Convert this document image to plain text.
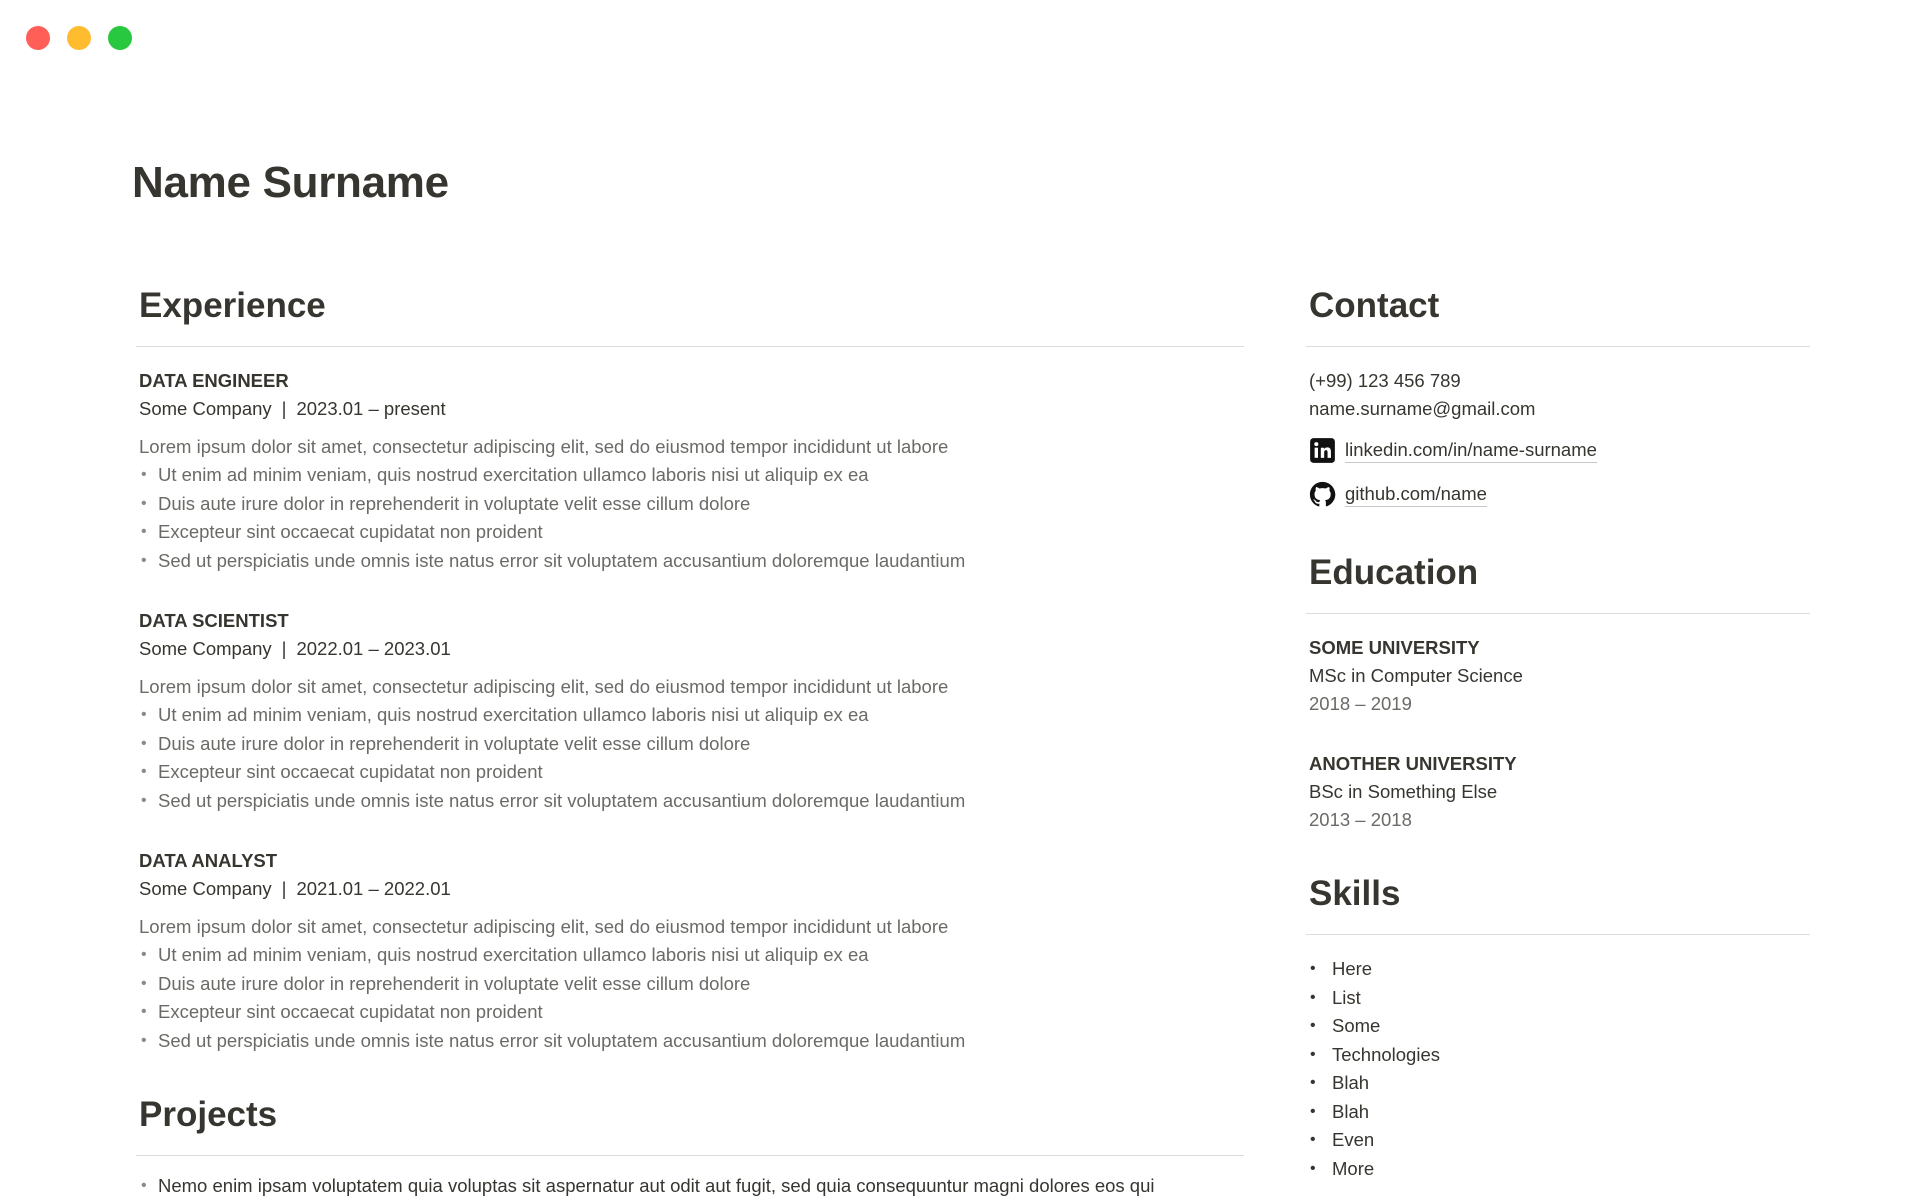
Name Surname
Experience
DATA ENGINEER
Some Company | 2023.01 – present
Lorem ipsum dolor sit amet, consectetur adipiscing elit, sed do eiusmod tempor incididunt ut labore
• Ut enim ad minim veniam, quis nostrud exercitation ullamco laboris nisi ut aliquip ex ea
• Duis aute irure dolor in reprehenderit in voluptate velit esse cillum dolore
• Excepteur sint occaecat cupidatat non proident
• Sed ut perspiciatis unde omnis iste natus error sit voluptatem accusantium doloremque laudantium
DATA SCIENTIST
Some Company | 2022.01 – 2023.01
Lorem ipsum dolor sit amet, consectetur adipiscing elit, sed do eiusmod tempor incididunt ut labore
• Ut enim ad minim veniam, quis nostrud exercitation ullamco laboris nisi ut aliquip ex ea
• Duis aute irure dolor in reprehenderit in voluptate velit esse cillum dolore
• Excepteur sint occaecat cupidatat non proident
• Sed ut perspiciatis unde omnis iste natus error sit voluptatem accusantium doloremque laudantium
DATA ANALYST
Some Company | 2021.01 – 2022.01
Lorem ipsum dolor sit amet, consectetur adipiscing elit, sed do eiusmod tempor incididunt ut labore
• Ut enim ad minim veniam, quis nostrud exercitation ullamco laboris nisi ut aliquip ex ea
• Duis aute irure dolor in reprehenderit in voluptate velit esse cillum dolore
• Excepteur sint occaecat cupidatat non proident
• Sed ut perspiciatis unde omnis iste natus error sit voluptatem accusantium doloremque laudantium
Projects
• Nemo enim ipsam voluptatem quia voluptas sit aspernatur aut odit aut fugit, sed quia consequuntur magni dolores eos qui
Contact
(+99) 123 456 789
name.surname@gmail.com
linkedin.com/in/name-surname
github.com/name
Education
SOME UNIVERSITY
MSc in Computer Science
2018 – 2019
ANOTHER UNIVERSITY
BSc in Something Else
2013 – 2018
Skills
• Here
• List
• Some
• Technologies
• Blah
• Blah
• Even
• More
